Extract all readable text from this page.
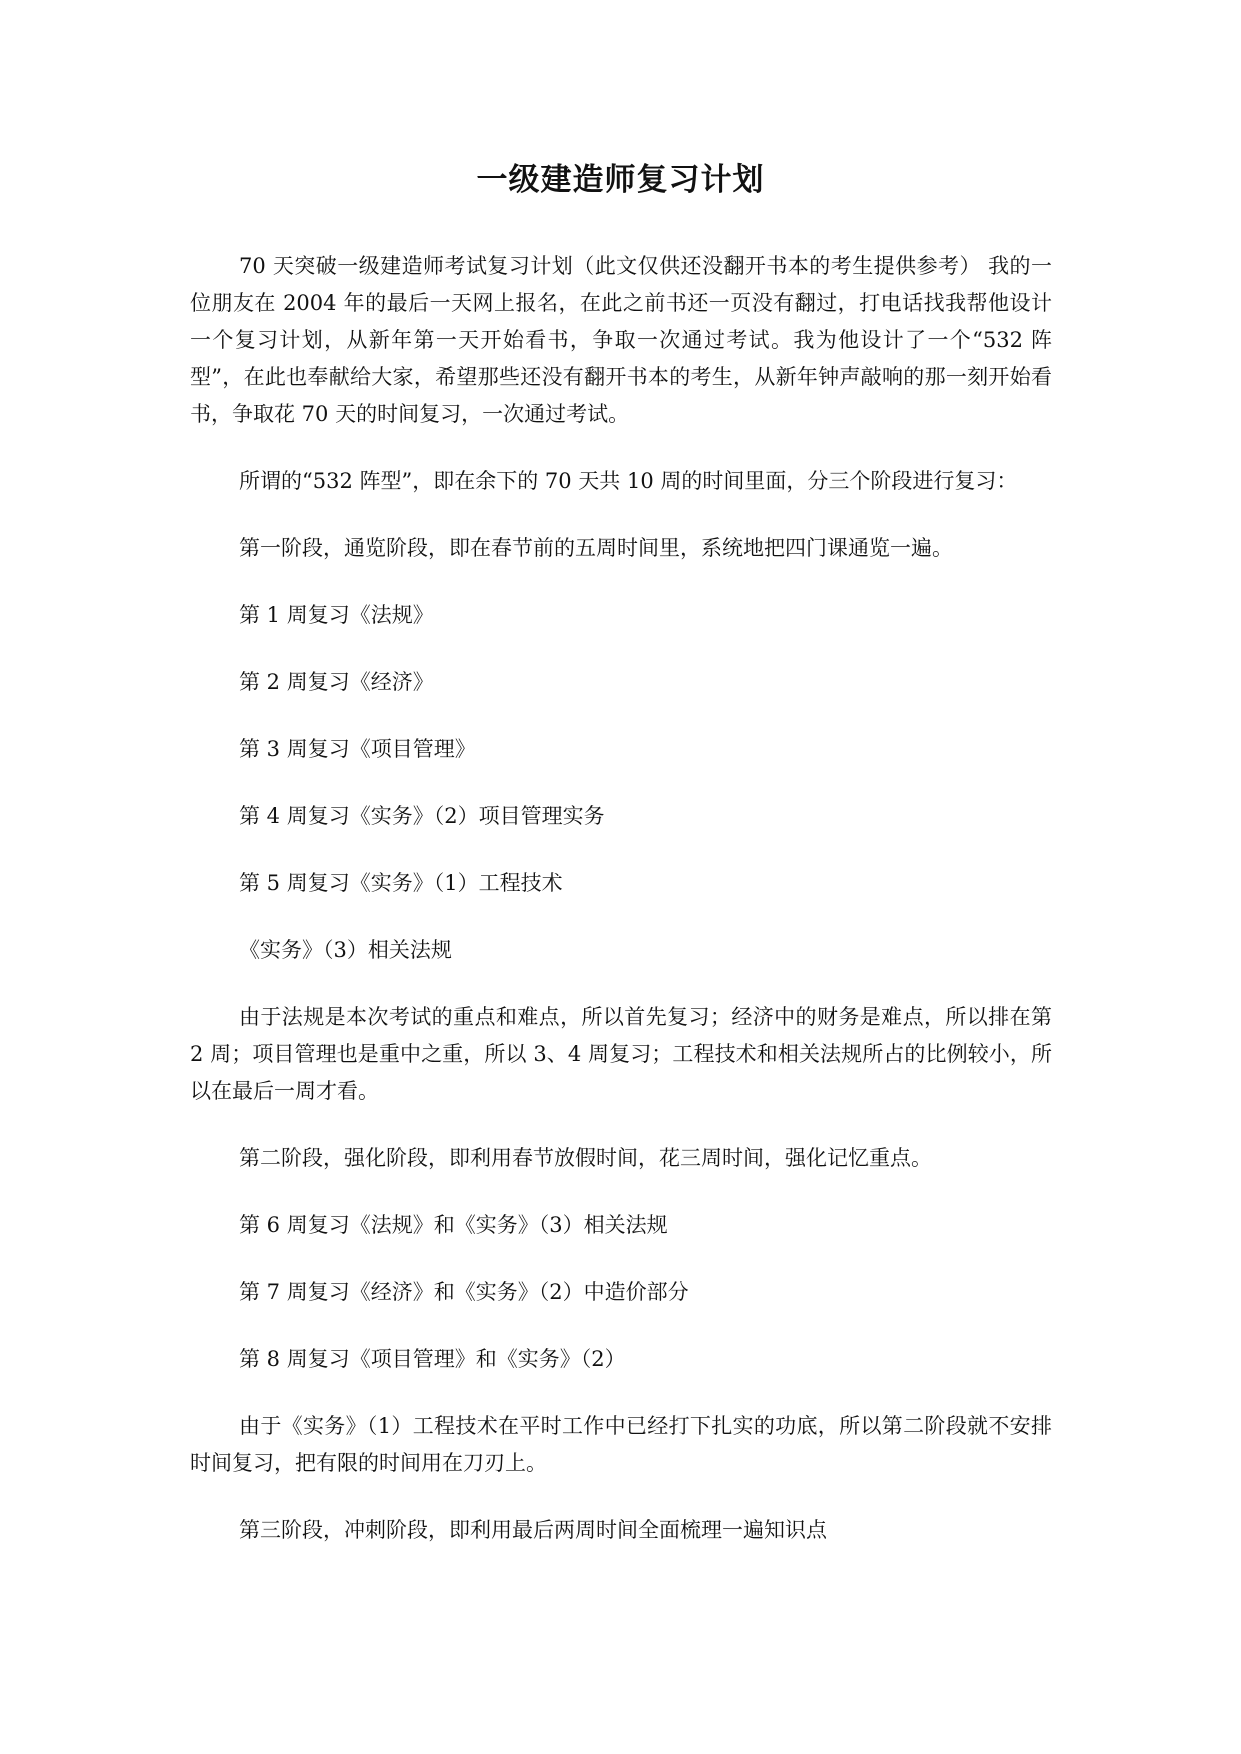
一级建造师复习计划

70 天突破一级建造师考试复习计划（此文仅供还没翻开书本的考生提供参考） 我的一位朋友在 2004 年的最后一天网上报名，在此之前书还一页没有翻过，打电话找我帮他设计一个复习计划，从新年第一天开始看书，争取一次通过考试。我为他设计了一个“532 阵型”，在此也奉献给大家，希望那些还没有翻开书本的考生，从新年钟声敲响的那一刻开始看书，争取花 70 天的时间复习，一次通过考试。

所谓的“532 阵型”，即在余下的 70 天共 10 周的时间里面，分三个阶段进行复习：

第一阶段，通览阶段，即在春节前的五周时间里，系统地把四门课通览一遍。

第 1 周复习《法规》

第 2 周复习《经济》

第 3 周复习《项目管理》

第 4 周复习《实务》（2）项目管理实务

第 5 周复习《实务》（1）工程技术

《实务》（3）相关法规

由于法规是本次考试的重点和难点，所以首先复习；经济中的财务是难点，所以排在第 2 周；项目管理也是重中之重，所以 3、4 周复习；工程技术和相关法规所占的比例较小，所以在最后一周才看。

第二阶段，强化阶段，即利用春节放假时间，花三周时间，强化记忆重点。

第 6 周复习《法规》和《实务》（3）相关法规

第 7 周复习《经济》和《实务》（2）中造价部分

第 8 周复习《项目管理》和《实务》（2）

由于《实务》（1）工程技术在平时工作中已经打下扎实的功底，所以第二阶段就不安排时间复习，把有限的时间用在刀刃上。

第三阶段，冲刺阶段，即利用最后两周时间全面梳理一遍知识点
